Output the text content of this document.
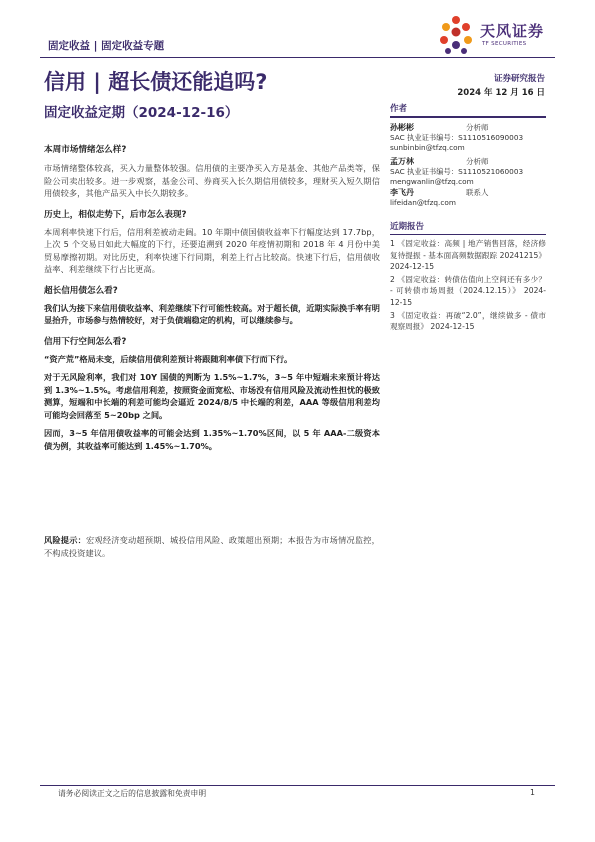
固定收益 | 固定收益专题
天风证券
TF SECURITIES
信用 | 超长债还能追吗?
固定收益定期（2024-12-16）
证券研究报告
2024 年 12 月 16 日
本周市场情绪怎么样?
市场情绪整体较高，买入力量整体较强。信用债的主要净买入方是基金、其他产品类等，保险公司卖出较多。进一步观察，基金公司、券商买入长久期信用债较多，理财买入短久期信用债较多，其他产品买入中长久期较多。
历史上，相似走势下，后市怎么表现?
本周利率快速下行后，信用利差被动走阔。10 年期中债国债收益率下行幅度达到 17.7bp，上次 5 个交易日如此大幅度的下行，还要追溯到 2020 年疫情初期和 2018 年 4 月份中美贸易摩擦初期。对比历史，利率快速下行同期，利差上行占比较高。快速下行后，信用债收益率、利差继续下行占比更高。
超长信用债怎么看?
我们认为接下来信用债收益率、利差继续下行可能性较高。对于超长债，近期实际换手率有明显抬升，市场参与热情较好，对于负债端稳定的机构，可以继续参与。
信用下行空间怎么看?
“资产荒”格局未变，后续信用债利差预计将跟随利率债下行而下行。
对于无风险利率，我们对 10Y 国债的判断为 1.5%~1.7%，3~5 年中短端未来预计将达到 1.3%~1.5%。考虑信用利差，按照资金面宽松、市场没有信用风险及流动性担忧的极致测算，短端和中长端的利差可能均会逼近 2024/8/5 中长端的利差，AAA 等级信用利差均可能均会回落至 5~20bp 之间。
因而，3~5 年信用债收益率的可能会达到 1.35%~1.70%区间，以 5 年 AAA-二级资本债为例，其收益率可能达到 1.45%~1.70%。
风险提示：宏观经济变动超预期、城投信用风险、政策超出预期；本报告为市场情况监控，不构成投资建议。
作者
孙彬彬	分析师
SAC 执业证书编号：S1110516090003
sunbinbin@tfzq.com
孟万林	分析师
SAC 执业证书编号：S1110521060003
mengwanlin@tfzq.com
李飞丹	联系人
lifeidan@tfzq.com
近期报告
1 《固定收益：高频 | 地产销售回落，经济修复待提振 - 基本面高频数据跟踪 20241215》 2024-12-15
2 《固定收益：转债估值向上空间还有多少？ - 可转债市场周报（2024.12.15）》 2024-12-15
3 《固定收益：再破“2.0”，继续做多 - 债市观察周报》 2024-12-15
请务必阅读正文之后的信息披露和免责申明	1
